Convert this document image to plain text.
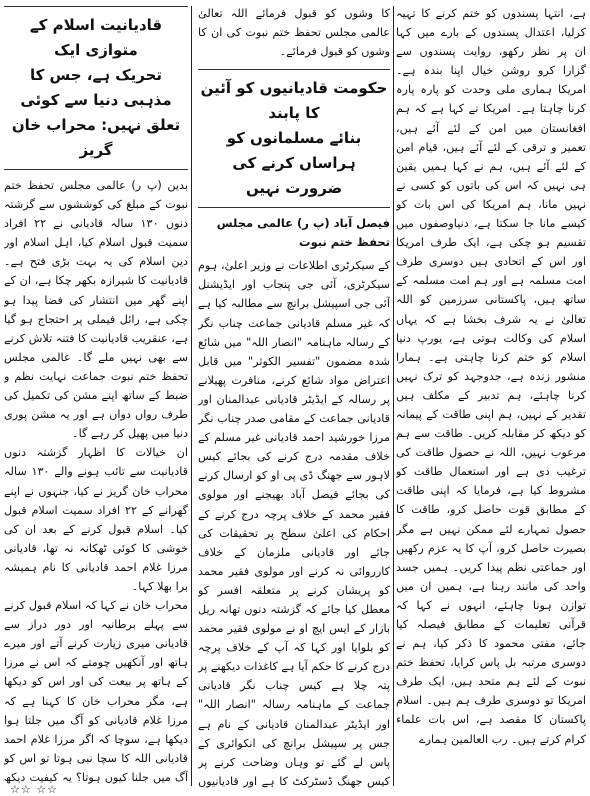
ہے، انتہا پسندوں کو ختم کرنے کا تہیہ کرلیا، اعتدال پسندوں کے بارے میں کہا ان پر نظر رکھو، روایت پسندوں سے گزارا کرو روشن خیال اپنا بندہ ہے۔ امریکا ہماری ملی وحدت کو پارہ پارہ کرنا چاہتا ہے۔ امریکا نے کہا ہے کہ ہم افغانستان میں امن کے لئے آئے ہیں، تعمیر و ترقی کے لئے آئے ہیں، قیام امن کے لئے آئے ہیں، ہم نے کہا ہمیں یقین ہی نہیں کہ اس کی باتوں کو کسی نے نہیں مانا، ہم امریکا کی اس بات کو کیسے مانا جا سکتا ہے، دنیاوصفوں میں تقسیم ہو چکی ہے، ایک طرف امریکا اور اس کے اتحادی ہیں دوسری طرف امت مسلمہ ہے اور ہم امت مسلمہ کے ساتھ ہیں، پاکستانی سرزمین کو اللہ تعالیٰ نے یہ شرف بخشا ہے کہ یہاں اسلام کی وکالت ہوتی ہے، یورپ دنیا اسلام کو ختم کرنا چاہتی ہے۔ ہمارا منشور زندہ ہے، جدوجہد کو ترک نہیں کرنا چاہئے، ہم تدبیر کے مکلف ہیں تقدیر کے نہیں، ہم اپنی طاقت کے پیمانہ کو دیکھ کر مقابلہ کریں۔ طاقت سے ہم مرعوب نہیں، اللہ نے حصول طاقت کی ترغیب دی ہے اور استعمال طاقت کو مشروط کیا ہے، فرمایا کہ اپنی طاقت کے مطابق قوت حاصل کرو، طاقت کا حصول تمہارے لئے ممکن نہیں ہے مگر بصیرت حاصل کرو، آپ کا یہ عزم رکھیں اور جماعتی نظم پیدا کریں۔ ہمیں جسد واحد کی مانند رہنا ہے، ہمیں ان میں توازن ہونا چاہئے، انہوں نے کہا کہ قرآنی تعلیمات کے مطابق فیصلہ کیا جائے، مفتی محمود کا ذکر کیا، ہم نے دوسری مرتبہ بل پاس کرایا، تحفظ ختم نبوت کے لئے ہم متحد ہیں، ایک طرف امریکا تو دوسری طرف ہم ہیں۔ اسلام پاکستان کا مقصد ہے، اس بات علماء کرام کرتے ہیں۔ رب العالمین ہمارے

کا وشوں کو قبول فرمائے اللہ تعالیٰ عالمی مجلس تحفظ ختم نبوت کی ان کا وشوں کو قبول فرمائے۔

حکومت قادیانیوں کو آئین کا پابند
بنائے مسلمانوں کو ہراساں کرنے کی
ضرورت نہیں

فیصل آباد (پ ر) عالمی مجلس تحفظ ختم نبوت

کے سیکرٹری اطلاعات نے وزیر اعلیٰ، ہوم سیکرٹری، آئی جی پنجاب اور ایڈیشنل آئی جی اسپیشل برانچ سے مطالبہ کیا ہے کہ غیر مسلم قادیانی جماعت چناب نگر کے رسالہ ماہنامہ "انصار اللہ" میں شائع شدہ مضمون "تفسیر الکوثر" میں قابل اعتراض مواد شائع کرنے، منافرت پھیلانے پر رسالہ کے ایڈیٹر قادیانی عبدالمنان اور قادیانی جماعت کے مقامی صدر چناب نگر مرزا خورشید احمد قادیانی غیر مسلم کے خلاف مقدمہ درج کرنے کی بجائے کیس لاہور سے جھنگ ڈی پی او کو ارسال کرنے کی بجائے فیصل آباد بھیجنے اور مولوی فقیر محمد کے خلاف پرچہ درج کرنے کے احکام کی اعلیٰ سطح پر تحقیقات کی جائے اور قادیانی ملزمان کے خلاف کارروائی نہ کرنے اور مولوی فقیر محمد کو پریشان کرنے پر متعلقہ افسر کو معطل کیا جائے کہ گزشتہ دنوں تھانہ ریل بازار کے ایس ایچ او نے مولوی فقیر محمد کو بلوایا اور کہا کہ آپ کے خلاف پرچہ درج کرنے کا حکم آیا ہے کاغذات دیکھنے پر پتہ چلا ہے کیس چناب نگر قادیانی جماعت کے ماہنامہ رسالہ "انصار اللہ" اور ایڈیٹر عبدالمنان قادیانی کے نام ہے جس پر سپیشل برانچ کی انکوائری کے پاس لے گئے تو وہاں وضاحت کرنے پر کیس جھنگ ڈسٹرکٹ کا ہے اور قادیانیوں

قادیانیت اسلام کے متوازی ایک
تحریک ہے، جس کا مذہبی دنیا سے کوئی
تعلق نہیں: محراب خان گریز

بدین (پ ر) عالمی مجلس تحفظ ختم نبوت کے مبلغ کی کوششوں سے گزشتہ دنوں ۱۳۰ سالہ قادیانی نے ۲۲ افراد سمیت قبول اسلام کیا، اہل اسلام اور دین اسلام کی یہ بہت بڑی فتح ہے۔ قادیانیت کا شیرازہ بکھر چکا ہے، ان کے اپنے گھر میں انتشار کی فضا پیدا ہو چکی ہے، رائل فیملی پر احتجاج ہو گیا ہے، عنقریب قادیانیت کا فتنہ تلاش کرنے سے بھی نہیں ملے گا۔ عالمی مجلس تحفظ ختم نبوت جماعت نہایت نظم و ضبط کے ساتھ اپنے مشن کی تکمیل کی طرف رواں دواں ہے اور یہ مشن پوری دنیا میں پھیل کر رہے گا۔

ان خیالات کا اظہار گزشتہ دنوں قادیانیت سے تائب ہونے والے ۱۳۰ سالہ محراب خان گریز نے کیا، جنہوں نے اپنے گھرانے کے ۲۲ افراد سمیت اسلام قبول کیا۔ اسلام قبول کرنے کے بعد ان کی خوشی کا کوئی ٹھکانہ نہ تھا، قادیانی مرزا غلام احمد قادیانی کا نام ہمیشہ برا بھلا کہا۔

محراب خان نے کہا کہ اسلام قبول کرنے سے پہلے برطانیہ اور دور دراز سے قادیانی میری زیارت کرنے آتے اور میرے ہاتھ اور آنکھیں چومتے کہ اس نے مرزا کے ہاتھ پر بیعت کی اور اس کو دیکھا ہے، مگر محراب خان کا کہنا ہے کہ مرزا غلام قادیانی کو آگ میں جلتا ہوا دیکھا ہے، سوچا کہ اگر مرزا غلام احمد قادیانی اللہ کا سچا نبی ہوتا تو اس کو آگ میں جلنا کیوں ہوتا؟ یہ کیفیت دیکھ

☆☆ ☆☆
